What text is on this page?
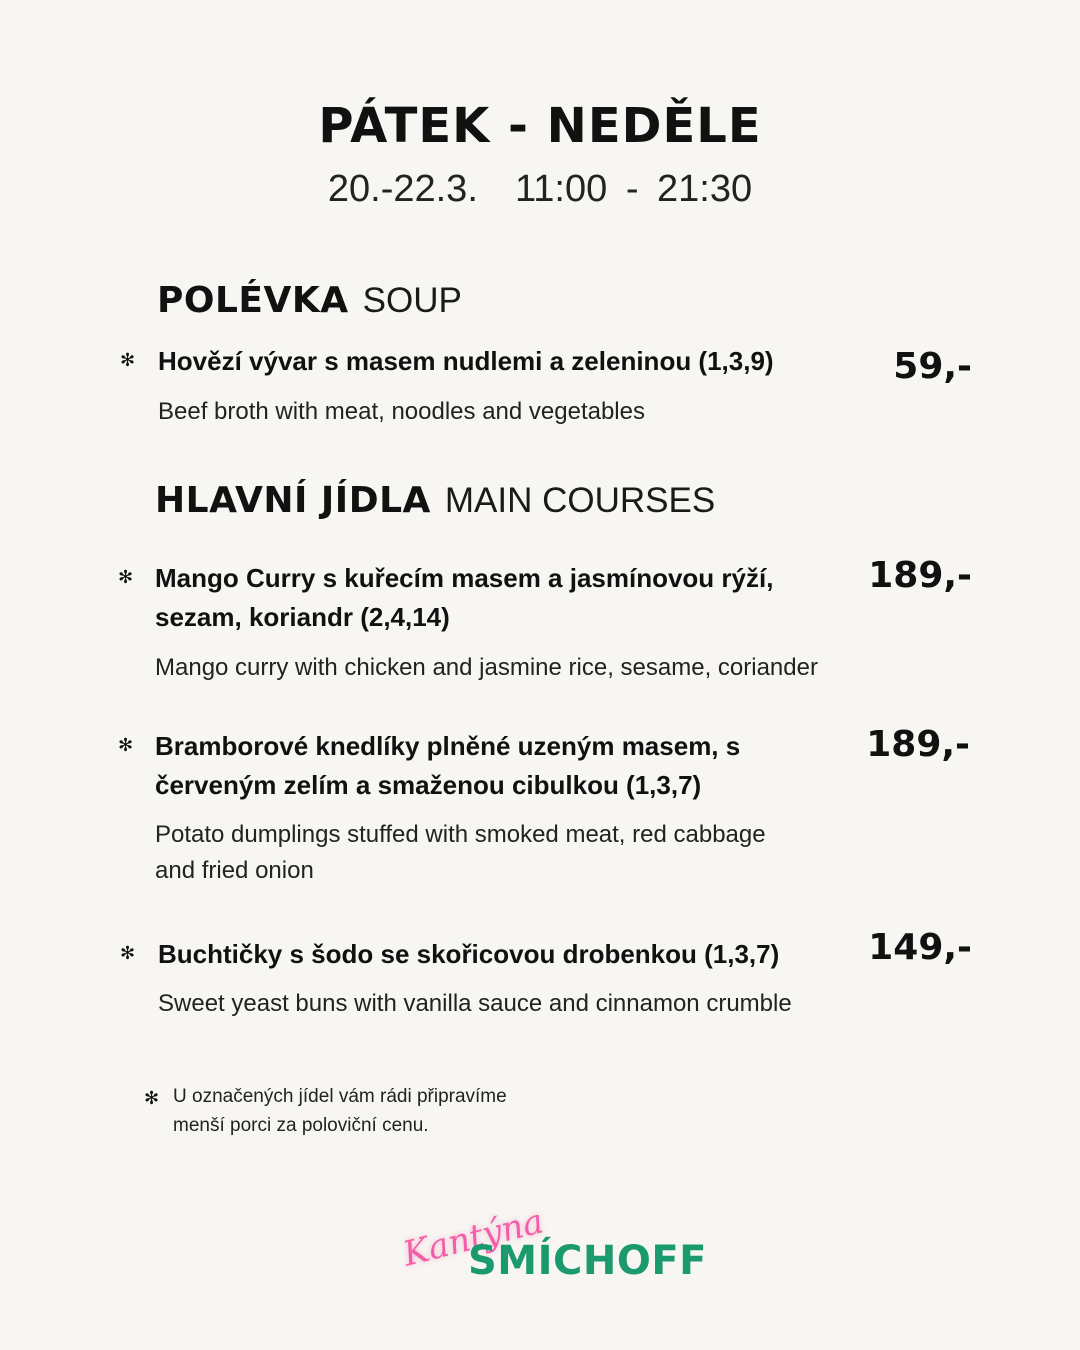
PÁTEK - NEDĚLE
20.-22.3.  11:00 - 21:30
POLÉVKA SOUP
✻ Hovězí vývar s masem nudlemi a zeleninou (1,3,9)
Beef broth with meat, noodles and vegetables
59,-
HLAVNÍ JÍDLA MAIN COURSES
✻ Mango Curry s kuřecím masem a jasmínovou rýží,
sezam, koriandr (2,4,14)
Mango curry with chicken and jasmine rice, sesame, coriander
189,-
✻ Bramborové knedlíky plněné uzeným masem, s
červeným zelím a smaženou cibulkou (1,3,7)
Potato dumplings stuffed with smoked meat, red cabbage
and fried onion
189,-
✻ Buchtičky s šodo se skořicovou drobenkou (1,3,7)
Sweet yeast buns with vanilla sauce and cinnamon crumble
149,-
✻ U označených jídel vám rádi připravíme
menší porci za poloviční cenu.
Kantýna
SMÍCHOFF
